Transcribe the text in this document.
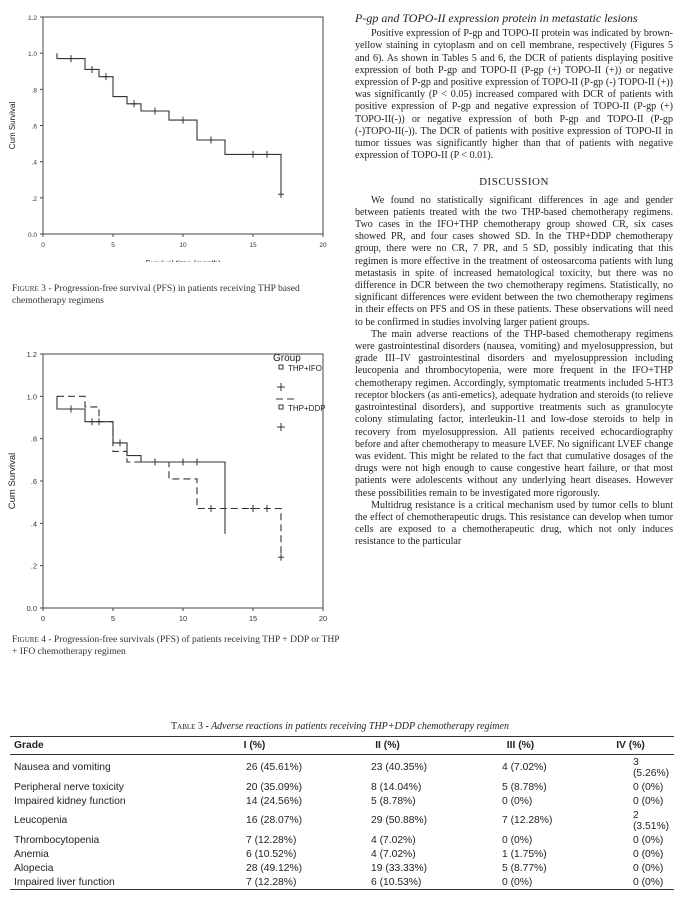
0.0
.2
.4
.6
.8
1.0
1.2
0	5	10	15	20
Cum Survival
Figure 3 - Progression-free survival (PFS) in patients receiving THP based chemotherapy regimens
0.0
.2
.4
.6
.8
1.0
1.2
0	5	10	15	20
Cum Survival
Group
THP+IFO
THP+DDP
Figure 4 - Progression-free survivals (PFS) of patients receiving THP + DDP or THP + IFO chemotherapy regimen
P-gp and TOPO-II expression protein in metastatic lesions

Positive expression of P-gp and TOPO-II protein was indicated by brown-yellow staining in cytoplasm and on cell membrane, respectively (Figures 5 and 6). As shown in Tables 5 and 6, the DCR of patients displaying positive expression of both P-gp and TOPO-II (P-gp (+) TOPO-II (+)) or negative expression of P-gp and positive expression of TOPO-II (P-gp (-) TOPO-II (+)) was significantly (P < 0.05) increased compared with DCR of patients with positive expression of P-gp and negative expression of TOPO-II (P-gp (+) TOPO-II(-)) or negative expression of both P-gp and TOPO-II (P-gp (-)TOPO-II(-)). The DCR of patients with positive expression of TOPO-II in tumor tissues was significantly higher than that of patients with negative expression of TOPO-II (P < 0.01).

DISCUSSION

We found no statistically significant differences in age and gender between patients treated with the two THP-based chemotherapy regimens. Two cases in the IFO+THP chemotherapy group showed CR, six cases showed PR, and four cases showed SD. In the THP+DDP chemotherapy group, there were no CR, 7 PR, and 5 SD, possibly indicating that this regimen is more effective in the treatment of osteosarcoma patients with lung metastasis in spite of increased hematological toxicity, but there was no difference in DCR between the two chemotherapy regimens. Statistically, no significant differences were evident between the two chemotherapy regimens in their effects on PFS and OS in these patients. These observations will need to be confirmed in studies involving larger patient groups.

The main adverse reactions of the THP-based chemotherapy regimens were gastrointestinal disorders (nausea, vomiting) and myelosuppression, but grade III–IV gastrointestinal disorders and myelosuppression including leucopenia and thrombocytopenia, were more frequent in the IFO+THP chemotherapy regimen. Accordingly, symptomatic treatments included 5-HT3 receptor blockers (as anti-emetics), adequate hydration and steroids (to relieve gastrointestinal disorders), and supportive treatments such as granulocyte colony stimulating factor, interleukin-11 and low-dose steroids to help in recovery from myelosuppression. All patients received echocardiography before and after chemotherapy to measure LVEF. No significant LVEF change was evident. This might be related to the fact that cumulative dosages of the drugs were not high enough to cause congestive heart failure, or that most patients were adolescents without any underlying heart diseases. However these possibilities remain to be investigated more rigorously.

Multidrug resistance is a critical mechanism used by tumor cells to blunt the effect of chemotherapeutic drugs. This resistance can develop when tumor cells are exposed to a chemotherapeutic drug, which not only induces resistance to the particular

Table 3 - Adverse reactions in patients receiving THP+DDP chemotherapy regimen
Grade	I (%)	II (%)	III (%)	IV (%)
Nausea and vomiting	26 (45.61%)	23 (40.35%)	4 (7.02%)	3 (5.26%)
Peripheral nerve toxicity	20 (35.09%)	8 (14.04%)	5 (8.78%)	0 (0%)
Impaired kidney function	14 (24.56%)	5 (8.78%)	0 (0%)	0 (0%)
Leucopenia	16 (28.07%)	29 (50.88%)	7 (12.28%)	2 (3.51%)
Thrombocytopenia	7 (12.28%)	4 (7.02%)	0 (0%)	0 (0%)
Anemia	6 (10.52%)	4 (7.02%)	1 (1.75%)	0 (0%)
Alopecia	28 (49.12%)	19 (33.33%)	5 (8.77%)	0 (0%)
Impaired liver function	7 (12.28%)	6 (10.53%)	0 (0%)	0 (0%)
